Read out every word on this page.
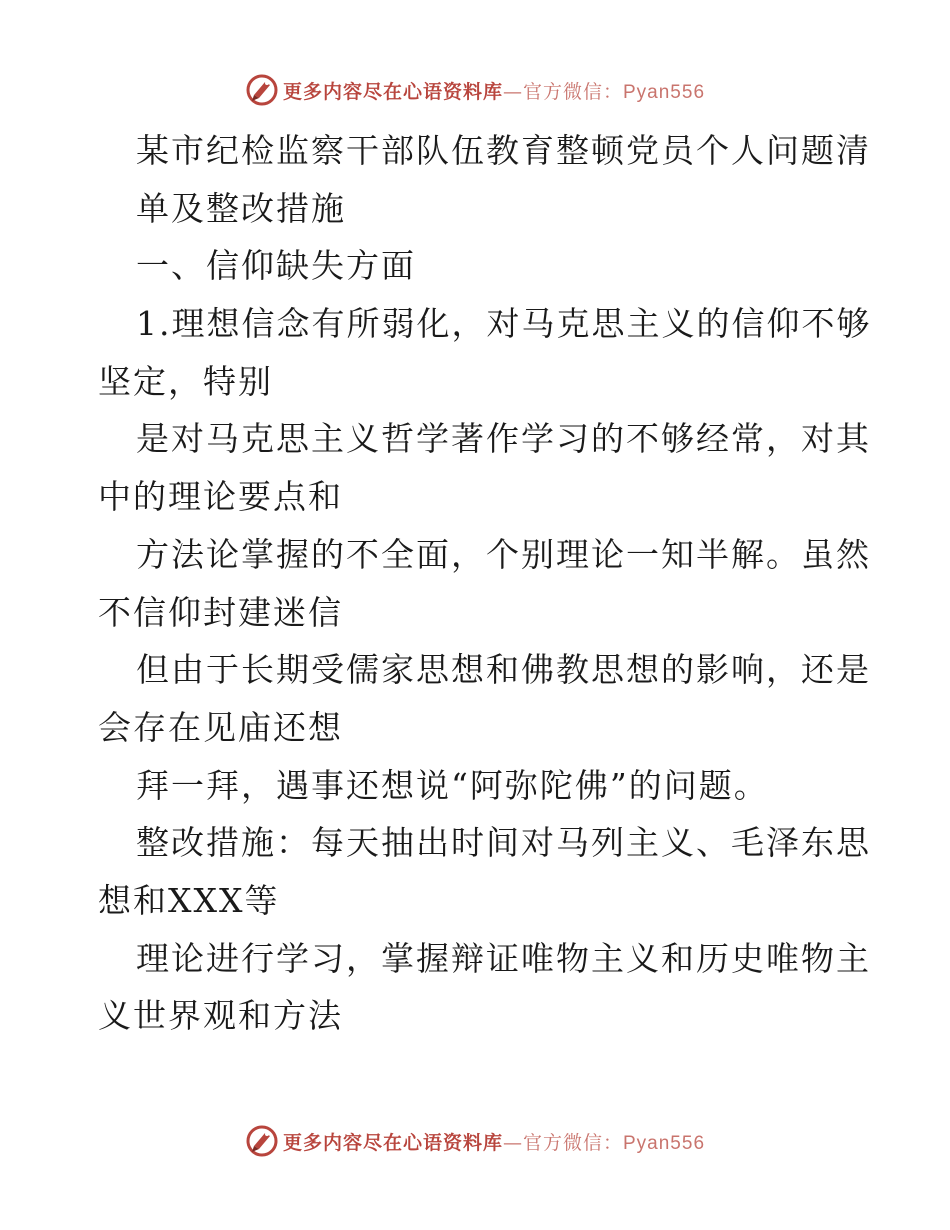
更多内容尽在心语资料库—官方微信：Pyan556
某市纪检监察干部队伍教育整顿党员个人问题清
单及整改措施
一、信仰缺失方面
1.理想信念有所弱化，对马克思主义的信仰不够
坚定，特别
是对马克思主义哲学著作学习的不够经常，对其
中的理论要点和
方法论掌握的不全面，个别理论一知半解。虽然
不信仰封建迷信
但由于长期受儒家思想和佛教思想的影响，还是
会存在见庙还想
拜一拜，遇事还想说“阿弥陀佛”的问题。
整改措施：每天抽出时间对马列主义、毛泽东思
想和XXX等
理论进行学习，掌握辩证唯物主义和历史唯物主
义世界观和方法
更多内容尽在心语资料库—官方微信：Pyan556
